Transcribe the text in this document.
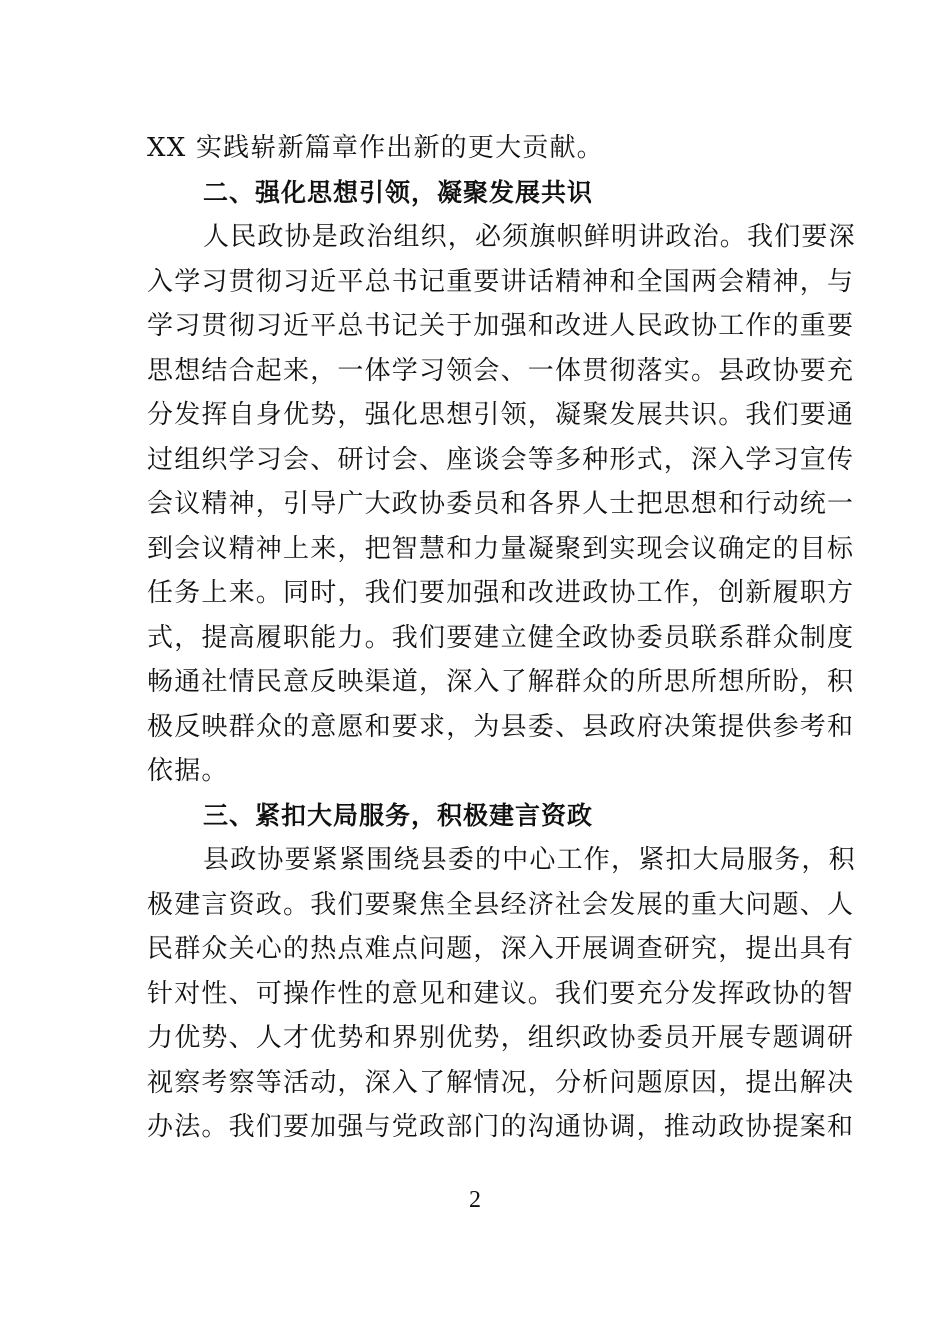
XX 实践崭新篇章作出新的更大贡献。
二、强化思想引领，凝聚发展共识
人民政协是政治组织，必须旗帜鲜明讲政治。我们要深
入学习贯彻习近平总书记重要讲话精神和全国两会精神，与
学习贯彻习近平总书记关于加强和改进人民政协工作的重要
思想结合起来，一体学习领会、一体贯彻落实。县政协要充
分发挥自身优势，强化思想引领，凝聚发展共识。我们要通
过组织学习会、研讨会、座谈会等多种形式，深入学习宣传
会议精神，引导广大政协委员和各界人士把思想和行动统一
到会议精神上来，把智慧和力量凝聚到实现会议确定的目标
任务上来。同时，我们要加强和改进政协工作，创新履职方
式，提高履职能力。我们要建立健全政协委员联系群众制度
畅通社情民意反映渠道，深入了解群众的所思所想所盼，积
极反映群众的意愿和要求，为县委、县政府决策提供参考和
依据。
三、紧扣大局服务，积极建言资政
县政协要紧紧围绕县委的中心工作，紧扣大局服务，积
极建言资政。我们要聚焦全县经济社会发展的重大问题、人
民群众关心的热点难点问题，深入开展调查研究，提出具有
针对性、可操作性的意见和建议。我们要充分发挥政协的智
力优势、人才优势和界别优势，组织政协委员开展专题调研
视察考察等活动，深入了解情况，分析问题原因，提出解决
办法。我们要加强与党政部门的沟通协调，推动政协提案和
2
